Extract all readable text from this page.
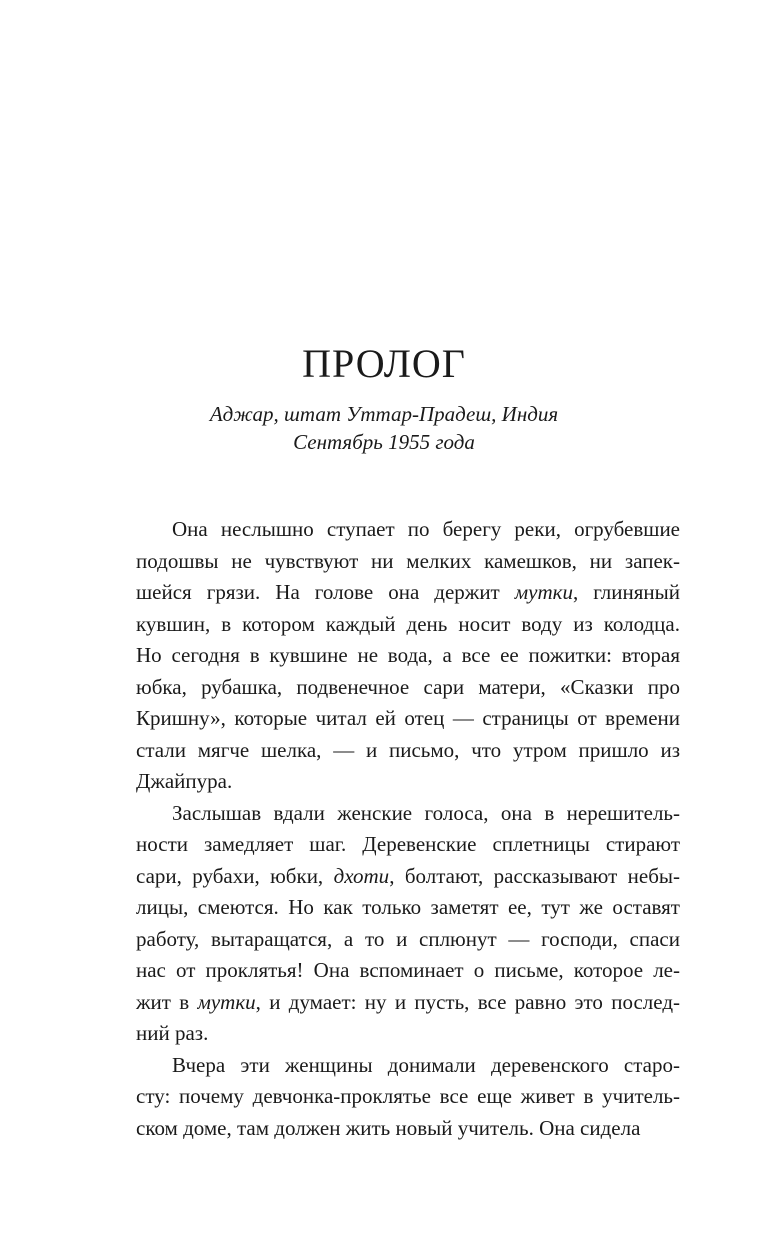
ПРОЛОГ
Аджар, штат Уттар-Прадеш, Индия
Сентябрь 1955 года
Она неслышно ступает по берегу реки, огрубевшие
подошвы не чувствуют ни мелких камешков, ни запек-
шейся грязи. На голове она держит мутки, глиняный
кувшин, в котором каждый день носит воду из колодца.
Но сегодня в кувшине не вода, а все ее пожитки: вторая
юбка, рубашка, подвенечное сари матери, «Сказки про
Кришну», которые читал ей отец — страницы от времени
стали мягче шелка, — и письмо, что утром пришло из
Джайпура.
Заслышав вдали женские голоса, она в нерешитель-
ности замедляет шаг. Деревенские сплетницы стирают
сари, рубахи, юбки, дхоти, болтают, рассказывают небы-
лицы, смеются. Но как только заметят ее, тут же оставят
работу, вытаращатся, а то и сплюнут — господи, спаси
нас от проклятья! Она вспоминает о письме, которое ле-
жит в мутки, и думает: ну и пусть, все равно это послед-
ний раз.
Вчера эти женщины донимали деревенского старо-
сту: почему девчонка-проклятье все еще живет в учитель-
ском доме, там должен жить новый учитель. Она сидела
